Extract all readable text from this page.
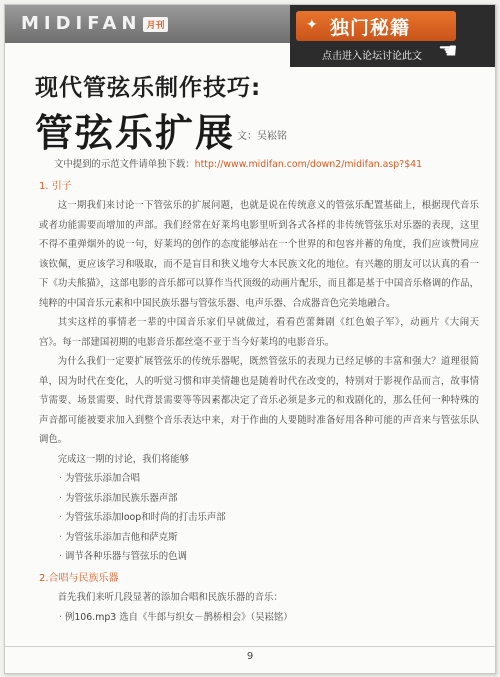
MIDIFAN 月刊	✦ 独门秘籍
点击进入论坛讨论此文 ☚
现代管弦乐制作技巧:
管弦乐扩展 文：吴崧铭
文中提到的示范文件请单独下载：http://www.midifan.com/down2/midifan.asp?$41
1. 引子

这一期我们来讨论一下管弦乐的扩展问题，也就是说在传统意义的管弦乐配置基础上，根据现代音乐或者功能需要而增加的声部。我们经常在好莱坞电影里听到各式各样的非传统管弦乐对乐器的表现，这里不得不重弹烟外的说一句，好莱坞的创作的态度能够站在一个世界的和包容并蓄的角度，我们应该赞同应该钦佩，更应该学习和吸取，而不是盲目和狭义地夸大本民族文化的地位。有兴趣的朋友可以认真的看一下《功夫熊猫》，这部电影的音乐都可以算作当代顶级的动画片配乐，而且都是基于中国音乐格调的作品，纯粹的中国音乐元素和中国民族乐器与管弦乐器、电声乐器、合成器音色完美地融合。

其实这样的事情老一辈的中国音乐家们早就做过，看看芭蕾舞剧《红色娘子军》，动画片《大闹天宫》。每一部建国初期的电影音乐都丝毫不亚于当今好莱坞的电影音乐。

为什么我们一定要扩展管弦乐的传统乐器呢，既然管弦乐的表现力已经足够的丰富和强大？道理很简单，因为时代在变化，人的听觉习惯和审美情趣也是随着时代在改变的，特别对于影视作品而言，故事情节需要、场景需要、时代背景需要等等因素都决定了音乐必须是多元的和戏剧化的，那么任何一种特殊的声音都可能被要求加入到整个音乐表达中来，对于作曲的人要随时准备好用各种可能的声音来与管弦乐队调色。

完成这一期的讨论，我们将能够

· 为管弦乐添加合唱
· 为管弦乐添加民族乐器声部
· 为管弦乐添加loop和时尚的打击乐声部
· 为管弦乐添加吉他和萨克斯
· 调节各种乐器与管弦乐的色调
2.合唱与民族乐器

首先我们来听几段显著的添加合唱和民族乐器的音乐：

· 例106.mp3 选自《牛郎与织女－鹊桥相会》（吴崧铭）
9
